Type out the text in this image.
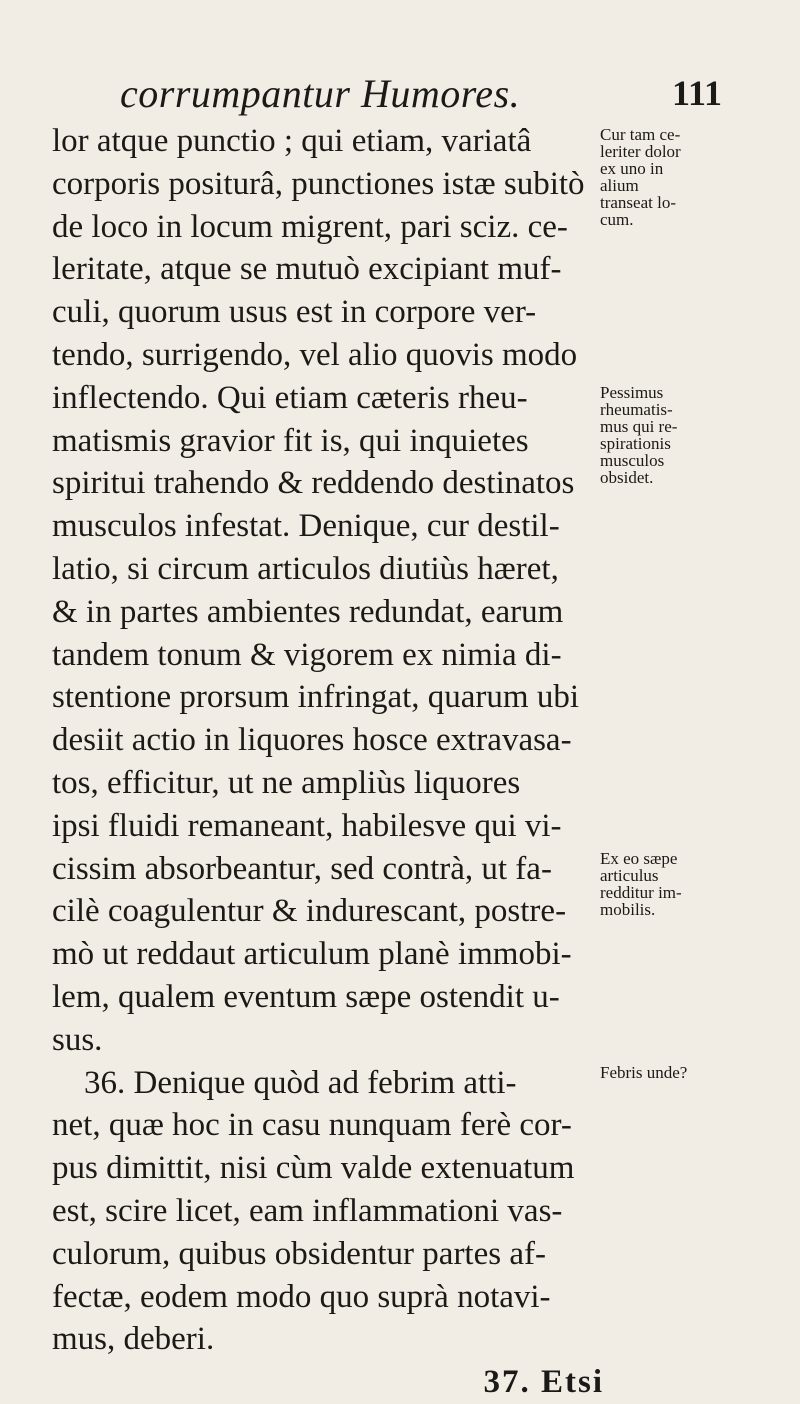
corrumpantur Humores.	111
lor atque punctio ; qui etiam, variatâ
corporis positurâ, punctiones istæ subitò
de loco in locum migrent, pari sciz. ce-
leritate, atque se mutuò excipiant muf-
culi, quorum usus est in corpore ver-
tendo, surrigendo, vel alio quovis modo
inflectendo. Qui etiam cæteris rheu-
matismis gravior fit is, qui inquietes
spiritui trahendo & reddendo destinatos
musculos infestat. Denique, cur destil-
latio, si circum articulos diutiùs hæret,
& in partes ambientes redundat, earum
tandem tonum & vigorem ex nimia di-
stentione prorsum infringat, quarum ubi
desiit actio in liquores hosce extravasa-
tos, efficitur, ut ne ampliùs liquores
ipsi fluidi remaneant, habilesve qui vi-
cissim absorbeantur, sed contrà, ut fa-
cilè coagulentur & indurescant, postre-
mò ut reddaut articulum planè immobi-
lem, qualem eventum sæpe ostendit u-
sus.
36. Denique quòd ad febrim atti-
net, quæ hoc in casu nunquam ferè cor-
pus dimittit, nisi cùm valde extenuatum
est, scire licet, eam inflammationi vas-
culorum, quibus obsidentur partes af-
fectæ, eodem modo quo suprà notavi-
mus, deberi.
37. Etsi
Cur tam ce-
leriter dolor
ex uno in
alium
transeat lo-
cum.
Pessimus
rheumatis-
mus qui re-
spirationis
musculos
obsidet.
Ex eo sæpe
articulus
redditur im-
mobilis.
Febris unde?
